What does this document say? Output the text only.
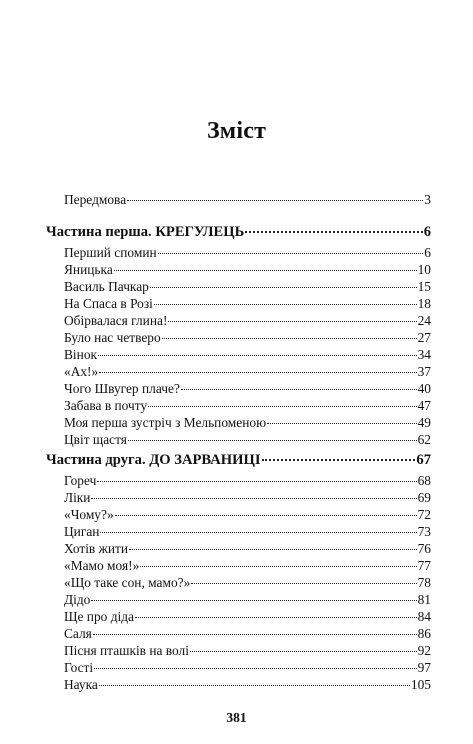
Зміст
Передмова	3
Частина перша. КРЕГУЛЕЦЬ	6
Перший спомин	6
Яницька	10
Василь Пачкар	15
На Спаса в Розі	18
Обірвалася глина!	24
Було нас четверо	27
Вінок	34
«Ах!»	37
Чого Швугер плаче?	40
Забава в почту	47
Моя перша зустріч з Мельпоменою	49
Цвіт щастя	62
Частина друга. ДО ЗАРВАНИЦІ	67
Гореч	68
Ліки	69
«Чому?»	72
Циган	73
Хотів жити	76
«Мамо моя!»	77
«Що таке сон, мамо?»	78
Дідо	81
Ще про діда	84
Саля	86
Пісня пташків на волі	92
Гості	97
Наука	105
381
